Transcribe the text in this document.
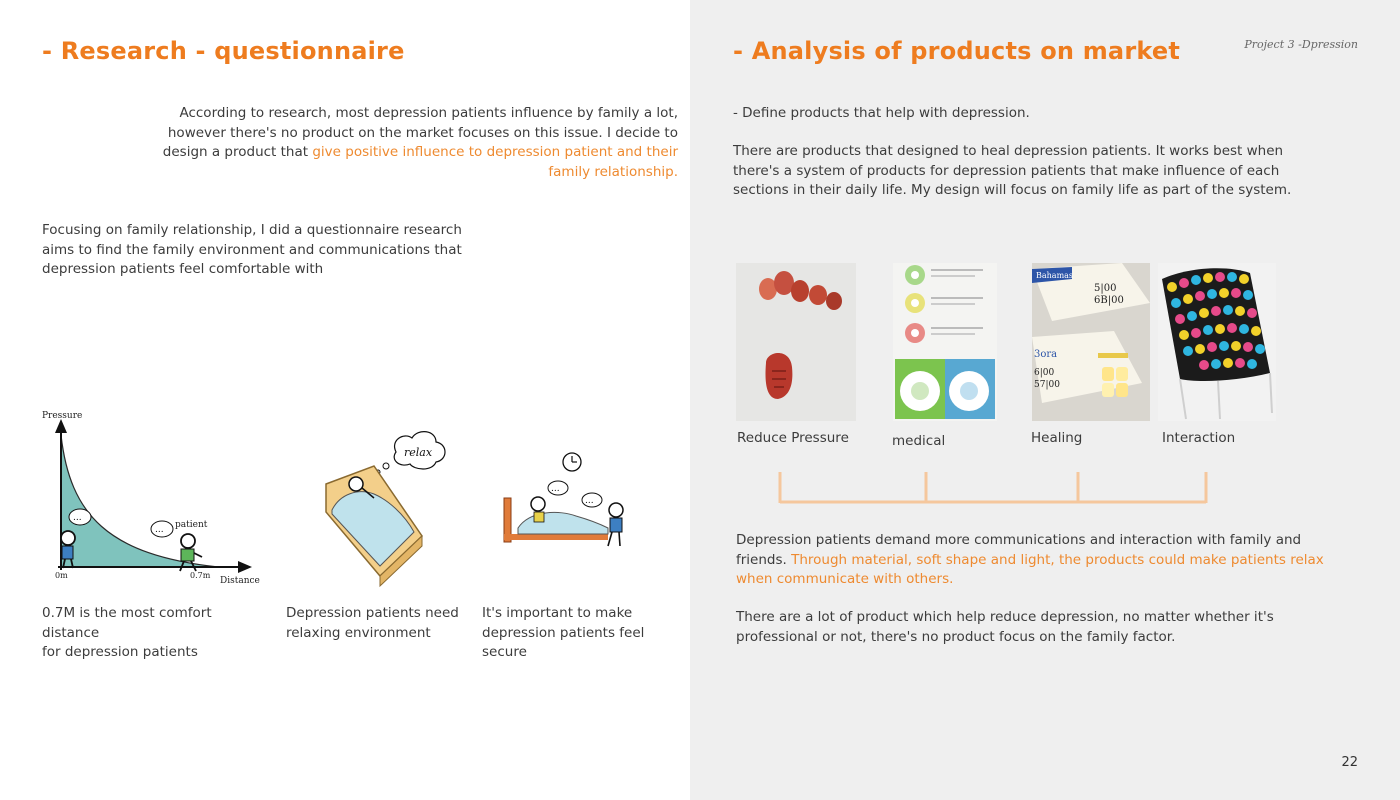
- Research - questionnaire
According to research, most depression patients influence by family a lot,
however there's no product on the market focuses on this issue. I decide to
design a product that give positive influence to depression patient and their
family relationship.
Focusing on family relationship, I did a questionnaire research
aims to find the family environment and communications that
depression patients feel comfortable with
Pressure
Distance
0m	0.7m
patient
...
...
relax
...
...
0.7M is the most comfort distance
for depression patients
Depression patients need
relaxing environment
It's important to make
depression patients feel
secure
- Analysis of products on market	Project 3 -Dpression
- Define products that help with depression.
There are products that designed to heal depression patients. It works best when
there's a system of products for depression patients that make influence of each
sections in their daily life. My design will focus on family life as part of the system.
Bahamas
5|00
6B|00
3ora
6|00
57|00
Reduce Pressure	medical	Healing	Interaction
Depression patients demand more communications and interaction with family and
friends. Through material, soft shape and light, the products could make patients relax
when communicate with others.
There are a lot of product which help reduce depression, no matter whether it's
professional or not, there's no product focus on the family factor.
22
